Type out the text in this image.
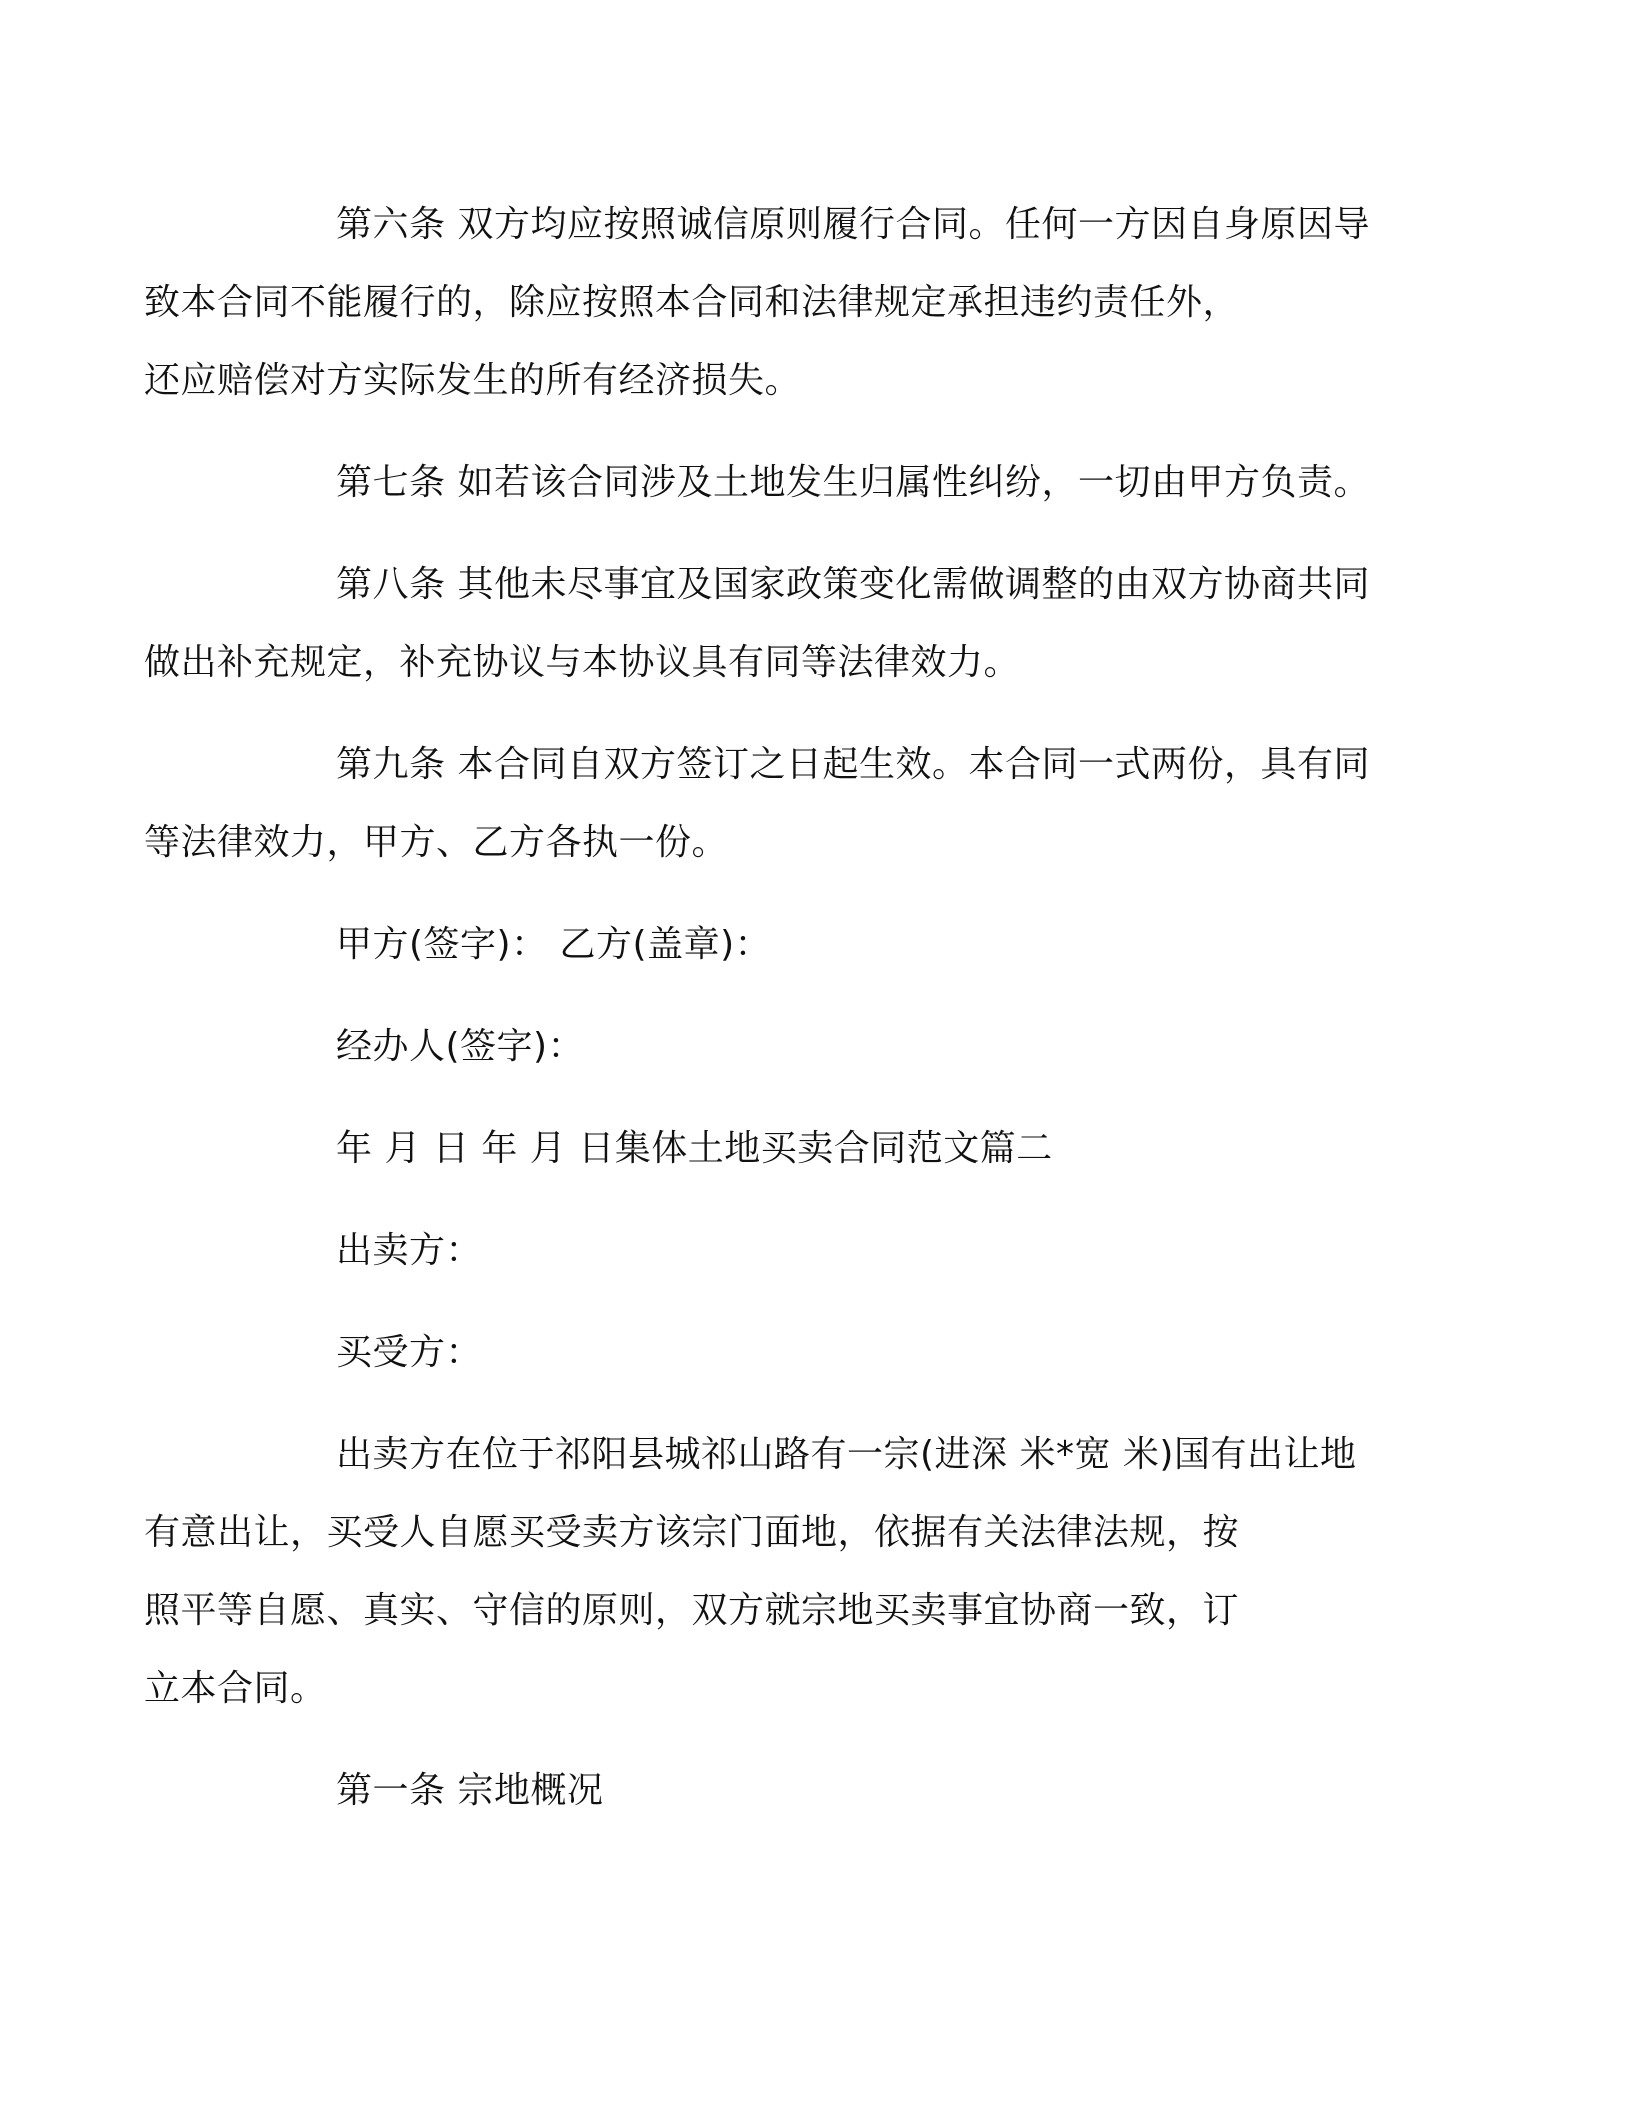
第六条 双方均应按照诚信原则履行合同。任何一方因自身原因导
致本合同不能履行的，除应按照本合同和法律规定承担违约责任外，
还应赔偿对方实际发生的所有经济损失。

第七条 如若该合同涉及土地发生归属性纠纷，一切由甲方负责。

第八条 其他未尽事宜及国家政策变化需做调整的由双方协商共同
做出补充规定，补充协议与本协议具有同等法律效力。

第九条 本合同自双方签订之日起生效。本合同一式两份，具有同
等法律效力，甲方、乙方各执一份。

甲方(签字)： 乙方(盖章)：

经办人(签字)：

年 月 日 年 月 日集体土地买卖合同范文篇二

出卖方：

买受方：

出卖方在位于祁阳县城祁山路有一宗(进深 米*宽 米)国有出让地
有意出让，买受人自愿买受卖方该宗门面地，依据有关法律法规，按
照平等自愿、真实、守信的原则，双方就宗地买卖事宜协商一致，订
立本合同。

第一条 宗地概况
